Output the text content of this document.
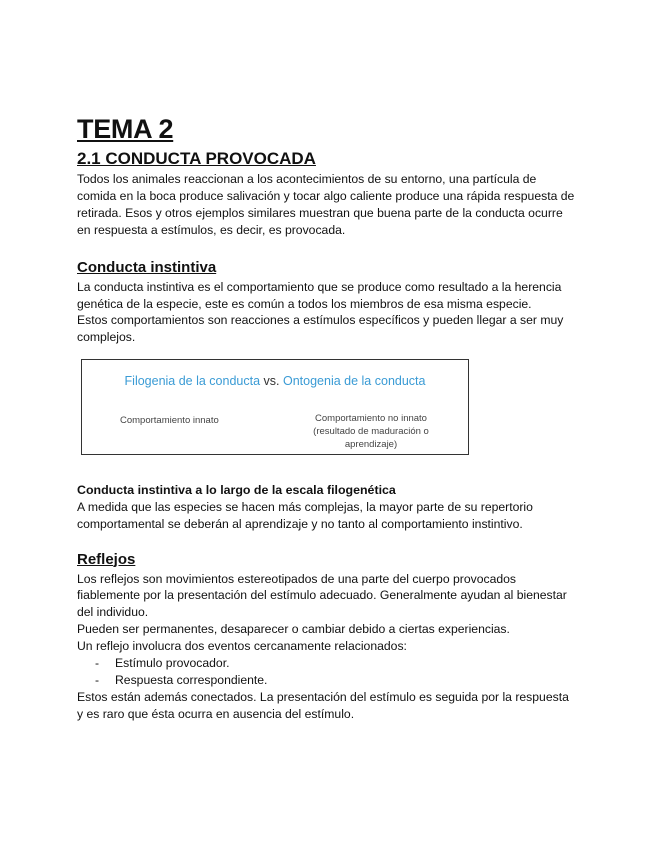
TEMA 2
2.1 CONDUCTA PROVOCADA

Todos los animales reaccionan a los acontecimientos de su entorno, una partícula de comida en la boca produce salivación y tocar algo caliente produce una rápida respuesta de retirada. Esos y otros ejemplos similares muestran que buena parte de la conducta ocurre en respuesta a estímulos, es decir, es provocada.

Conducta instintiva

La conducta instintiva es el comportamiento que se produce como resultado a la herencia genética de la especie, este es común a todos los miembros de esa misma especie.

Estos comportamientos son reacciones a estímulos específicos y pueden llegar a ser muy complejos.

Filogenia de la conducta vs. Ontogenia de la conducta
Comportamiento innato	Comportamiento no innato (resultado de maduración o aprendizaje)
Conducta instintiva a lo largo de la escala filogenética

A medida que las especies se hacen más complejas, la mayor parte de su repertorio comportamental se deberán al aprendizaje y no tanto al comportamiento instintivo.

Reflejos

Los reflejos son movimientos estereotipados de una parte del cuerpo provocados fiablemente por la presentación del estímulo adecuado. Generalmente ayudan al bienestar del individuo.

Pueden ser permanentes, desaparecer o cambiar debido a ciertas experiencias.

Un reflejo involucra dos eventos cercanamente relacionados:

- Estímulo provocador.
- Respuesta correspondiente.

Estos están además conectados. La presentación del estímulo es seguida por la respuesta y es raro que ésta ocurra en ausencia del estímulo.
